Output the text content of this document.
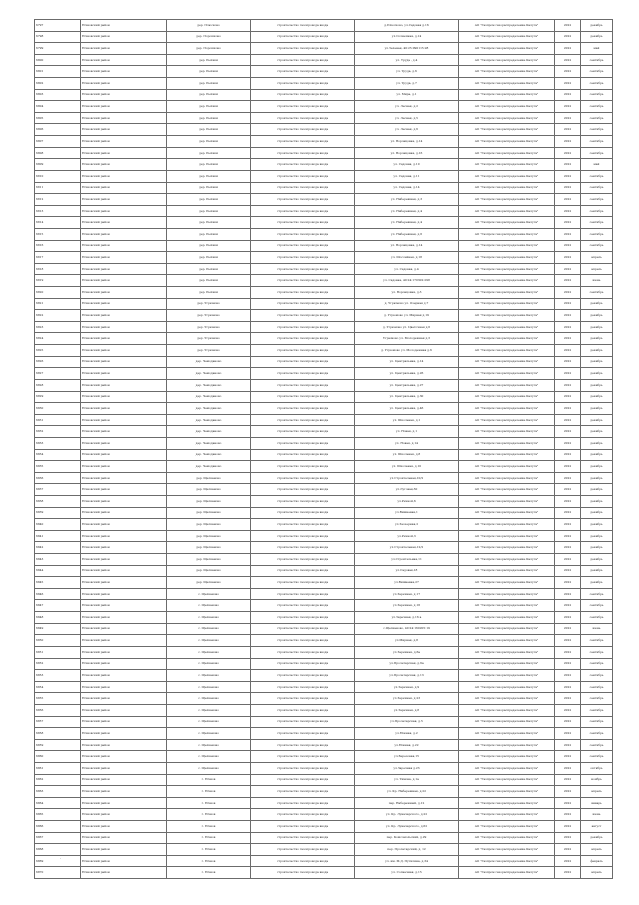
6797	Юхновский район	дер. Плюсково	строительство газопровода ввода	д.Плюсково, ул.Садовая д.16	АО "Газпром газораспределение Калуга"	2022	декабрь
6798	Юхновский район	дер. Порошково	строительство газопровода ввода	ул.Солнечная, д.14	АО "Газпром газораспределение Калуга"	2022	декабрь
6799	Юхновский район	дер. Порошково	строительство газопровода ввода	ул.Зеленая, 40:25:090115:28	АО "Газпром газораспределение Калуга"	2022	май
6800	Юхновский район	дер. Рыляки	строительство газопровода ввода	ул. Труда , д.4	АО "Газпром газораспределение Калуга"	2022	сентябрь
6801	Юхновский район	дер. Рыляки	строительство газопровода ввода	ул. Труда, д.6	АО "Газпром газораспределение Калуга"	2022	сентябрь
6802	Юхновский район	дер. Рыляки	строительство газопровода ввода	ул. Труда, д.7	АО "Газпром газораспределение Калуга"	2022	сентябрь
6803	Юхновский район	дер. Рыляки	строительство газопровода ввода	ул. Мира, д.1	АО "Газпром газораспределение Калуга"	2022	сентябрь
6804	Юхновский район	дер. Рыляки	строительство газопровода ввода	ул. Лесная, д.2	АО "Газпром газораспределение Калуга"	2022	сентябрь
6805	Юхновский район	дер. Рыляки	строительство газопровода ввода	ул. Лесная, д.5	АО "Газпром газораспределение Калуга"	2022	сентябрь
6806	Юхновский район	дер. Рыляки	строительство газопровода ввода	ул. Лесная, д.6	АО "Газпром газораспределение Калуга"	2022	сентябрь
6807	Юхновский район	дер. Рыляки	строительство газопровода ввода	ул. Воронцовая, д.14	АО "Газпром газораспределение Калуга"	2022	сентябрь
6808	Юхновский район	дер. Рыляки	строительство газопровода ввода	ул. Воронцовая, д.16	АО "Газпром газораспределение Калуга"	2022	сентябрь
6809	Юхновский район	дер. Рыляки	строительство газопровода ввода	ул. Садовая, д.10	АО "Газпром газораспределение Калуга"	2022	май
6810	Юхновский район	дер. Рыляки	строительство газопровода ввода	ул. Садовая, д.11	АО "Газпром газораспределение Калуга"	2022	сентябрь
6811	Юхновский район	дер. Рыляки	строительство газопровода ввода	ул. Садовая, д.14	АО "Газпром газораспределение Калуга"	2022	сентябрь
6812	Юхновский район	дер. Рыляки	строительство газопровода ввода	ул. Набережная, д.3	АО "Газпром газораспределение Калуга"	2022	сентябрь
6813	Юхновский район	дер. Рыляки	строительство газопровода ввода	ул. Набережная, д.4	АО "Газпром газораспределение Калуга"	2022	сентябрь
6814	Юхновский район	дер. Рыляки	строительство газопровода ввода	ул. Набережная, д.4	АО "Газпром газораспределение Калуга"	2022	сентябрь
6815	Юхновский район	дер. Рыляки	строительство газопровода ввода	ул. Набережная, д.6	АО "Газпром газораспределение Калуга"	2022	сентябрь
6816	Юхновский район	дер. Рыляки	строительство газопровода ввода	ул. Воронцовая, д.14	АО "Газпром газораспределение Калуга"	2022	сентябрь
6817	Юхновский район	дер. Рыляки	строительство газопровода ввода	ул. Шоссейная, д.18	АО "Газпром газораспределение Калуга"	2022	апрель
6818	Юхновский район	дер. Рыляки	строительство газопровода ввода	ул. Садовая, д.4	АО "Газпром газораспределение Калуга"	2022	апрель
6819	Юхновский район	дер. Рыляки	строительство газопровода ввода	ул. Садовая, 40:24:170302:298	АО "Газпром газораспределение Калуга"	2022	июнь
6820	Юхновский район	дер. Рыляки	строительство газопровода ввода	ул. Воронцовая, д.3	АО "Газпром газораспределение Калуга"	2022	сентябрь
6821	Юхновский район	дер. Угрюмово	строительство газопровода ввода	д. Угрюмово ул. Озерная д.7	АО "Газпром газораспределение Калуга"	2022	декабрь
6822	Юхновский район	дер. Угрюмово	строительство газопровода ввода	д. Угрюмово ул. Мирная д.19	АО "Газпром газораспределение Калуга"	2022	декабрь
6823	Юхновский район	дер. Угрюмово	строительство газопровода ввода	д. Угрюмово ул. Цветочная д.6	АО "Газпром газораспределение Калуга"	2022	декабрь
6824	Юхновский район	дер. Угрюмово	строительство газопровода ввода	Угрюмово ул. Молодежная д.3	АО "Газпром газораспределение Калуга"	2022	декабрь
6825	Юхновский район	дер. Угрюмово	строительство газопровода ввода	д. Угрюмово ул. Молодежная д.6	АО "Газпром газораспределение Калуга"	2022	декабрь
6826	Юхновский район	дер. Чемоданово	строительство газопровода ввода	ул. Центральная, д.14	АО "Газпром газораспределение Калуга"	2022	декабрь
6827	Юхновский район	дер. Чемоданово	строительство газопровода ввода	ул. Центральная, д.26	АО "Газпром газораспределение Калуга"	2022	декабрь
6828	Юхновский район	дер. Чемоданово	строительство газопровода ввода	ул. Центральная, д.27	АО "Газпром газораспределение Калуга"	2022	декабрь
6829	Юхновский район	дер. Чемоданово	строительство газопровода ввода	ул. Центральная, д.30	АО "Газпром газораспределение Калуга"	2022	декабрь
6830	Юхновский район	дер. Чемоданово	строительство газопровода ввода	ул. Центральная, д.46	АО "Газпром газораспределение Калуга"	2022	декабрь
6831	Юхновский район	дер. Чемоданово	строительство газопровода ввода	ул. Школьная, д.1	АО "Газпром газораспределение Калуга"	2022	декабрь
6832	Юхновский район	дер. Чемоданово	строительство газопровода ввода	ул. Новая, д.1	АО "Газпром газораспределение Калуга"	2022	декабрь
6833	Юхновский район	дер. Чемоданово	строительство газопровода ввода	ул. Новая, д.14	АО "Газпром газораспределение Калуга"	2022	декабрь
6834	Юхновский район	дер. Чемоданово	строительство газопровода ввода	ул. Школьная, д.8	АО "Газпром газораспределение Калуга"	2022	декабрь
6835	Юхновский район	дер. Чемоданово	строительство газопровода ввода	ул. Школьная, д.10	АО "Газпром газораспределение Калуга"	2022	декабрь
6836	Юхновский район	дер. Щелканово	строительство газопровода ввода	ул.Строительная,10/2	АО "Газпром газораспределение Калуга"	2022	декабрь
6837	Юхновский район	дер. Щелканово	строительство газопровода ввода	ул.Луговая,30	АО "Газпром газораспределение Калуга"	2022	декабрь
6838	Юхновский район	дер. Щелканово	строительство газопровода ввода	ул.Речной,6	АО "Газпром газораспределение Калуга"	2022	декабрь
6839	Юхновский район	дер. Щелканово	строительство газопровода ввода	ул.Вишневая,1	АО "Газпром газораспределение Калуга"	2022	декабрь
6840	Юхновский район	дер. Щелканово	строительство газопровода ввода	ул.Заозерная,2	АО "Газпром газораспределение Калуга"	2022	декабрь
6841	Юхновский район	дер. Щелканово	строительство газопровода ввода	ул.Речной,3	АО "Газпром газораспределение Калуга"	2022	декабрь
6842	Юхновский район	дер. Щелканово	строительство газопровода ввода	ул.Строительная,12/2	АО "Газпром газораспределение Калуга"	2022	декабрь
6843	Юхновский район	дер. Щелканово	строительство газопровода ввода	ул.Строительная,11	АО "Газпром газораспределение Калуга"	2022	декабрь
6844	Юхновский район	дер. Щелканово	строительство газопровода ввода	ул.Садовая,18	АО "Газпром газораспределение Калуга"	2022	декабрь
6845	Юхновский район	дер. Щелканово	строительство газопровода ввода	ул.Вишневая,27	АО "Газпром газораспределение Калуга"	2022	декабрь
6846	Юхновский район	с. Щелканово	строительство газопровода ввода	ул.Заречная, д.17	АО "Газпром газораспределение Калуга"	2022	сентябрь
6847	Юхновский район	с. Щелканово	строительство газопровода ввода	ул.Заречная, д.16	АО "Газпром газораспределение Калуга"	2022	сентябрь
6848	Юхновский район	с. Щелканово	строительство газопровода ввода	ул.Заречная, д.16 а	АО "Газпром газораспределение Калуга"	2022	сентябрь
6849	Юхновский район	с. Щелканово	строительство газопровода ввода	с.Щелканово, 40:24:160205:19	АО "Газпром газораспределение Калуга"	2022	июнь
6850	Юхновский район	с. Щелканово	строительство газопровода ввода	ул.Мирная, д.8	АО "Газпром газораспределение Калуга"	2022	сентябрь
6851	Юхновский район	с. Щелканово	строительство газопровода ввода	ул.Заречная, д.6а	АО "Газпром газораспределение Калуга"	2022	сентябрь
6852	Юхновский район	с. Щелканово	строительство газопровода ввода	ул.Пролетарская, д.6а	АО "Газпром газораспределение Калуга"	2022	сентябрь
6853	Юхновский район	с. Щелканово	строительство газопровода ввода	ул.Пролетарская, д.13	АО "Газпром газораспределение Калуга"	2022	сентябрь
6854	Юхновский район	с. Щелканово	строительство газопровода ввода	ул.Заречная, д.9	АО "Газпром газораспределение Калуга"	2022	сентябрь
6855	Юхновский район	с. Щелканово	строительство газопровода ввода	ул.Заречная, д.23	АО "Газпром газораспределение Калуга"	2022	сентябрь
6856	Юхновский район	с. Щелканово	строительство газопровода ввода	ул.Заречная, д.8	АО "Газпром газораспределение Калуга"	2022	сентябрь
6857	Юхновский район	с. Щелканово	строительство газопровода ввода	ул.Пролетарская, д.5	АО "Газпром газораспределение Калуга"	2022	сентябрь
6858	Юхновский район	с. Щелканово	строительство газопровода ввода	ул.Южная, д.2	АО "Газпром газораспределение Калуга"	2022	сентябрь
6859	Юхновский район	с. Щелканово	строительство газопровода ввода	ул.Южная, д.22	АО "Газпром газораспределение Калуга"	2022	сентябрь
6860	Юхновский район	с. Щелканово	строительство газопровода ввода	ул.Березовая,15	АО "Газпром газораспределение Калуга"	2022	сентябрь
6861	Юхновский район	с. Щелканово	строительство газопровода ввода	ул.Заречная д.23	АО "Газпром газораспределение Калуга"	2022	октябрь
6862	Юхновский район	г. Юхнов	строительство газопровода ввода	ул. Тимова, д.1а	АО "Газпром газораспределение Калуга"	2022	ноябрь
6863	Юхновский район	г. Юхнов	строительство газопровода ввода	ул. Кр. Набережная, д.22	АО "Газпром газораспределение Калуга"	2022	апрель
6864	Юхновский район	г. Юхнов	строительство газопровода ввода	пер. Набережный, д.12	АО "Газпром газораспределение Калуга"	2022	январь
6865	Юхновский район	г. Юхнов	строительство газопровода ввода	ул. Кр. Луначарского, д.22	АО "Газпром газораспределение Калуга"	2022	июнь
6866	Юхновский район	г. Юхнов	строительство газопровода ввода	ул. Кр. Луначарского, д.62	АО "Газпром газораспределение Калуга"	2022	август
6867	Юхновский район	г. Юхнов	строительство газопровода ввода	пер. Комсомольский, д.29	АО "Газпром газораспределение Калуга"	2022	декабрь
6868	Юхновский район	г. Юхнов	строительство газопровода ввода	пер. Пролетарский, д. 12	АО "Газпром газораспределение Калуга"	2022	апрель
6869	Юхновский район	г. Юхнов	строительство газопровода ввода	ул. им. М.Д. Путилина, д.34	АО "Газпром газораспределение Калуга"	2022	февраль
6870	Юхновский район	г. Юхнов	строительство газопровода ввода	ул. Солнечная, д.15	АО "Газпром газораспределение Калуга"	2022	апрель
-
